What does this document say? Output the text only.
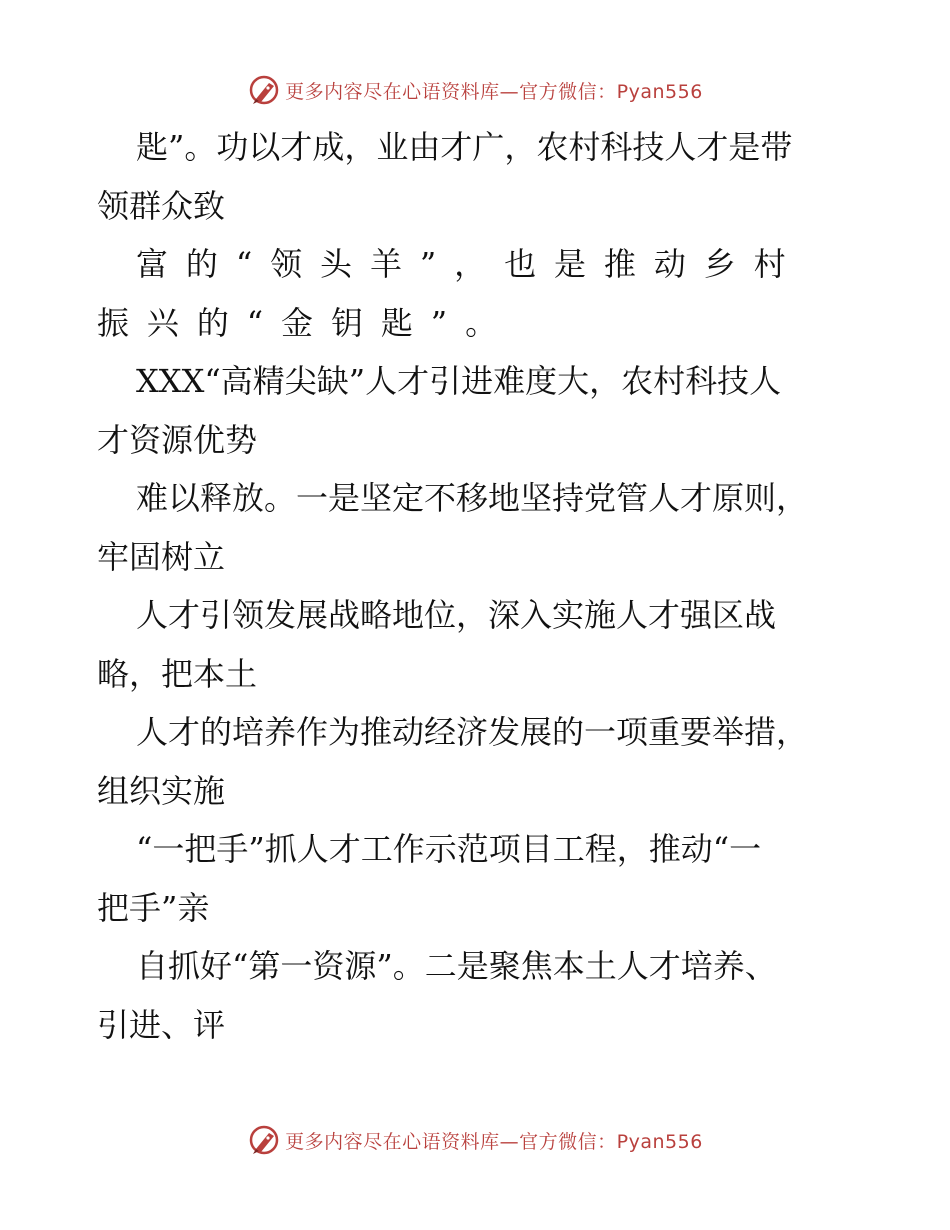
更多内容尽在心语资料库—官方微信：Pyan556
匙”。功以才成，业由才广，农村科技人才是带
领群众致
富的“领头羊”，也是推动乡村
振兴的“金钥匙”。
XXX“高精尖缺”人才引进难度大，农村科技人
才资源优势
难以释放。一是坚定不移地坚持党管人才原则，
牢固树立
人才引领发展战略地位，深入实施人才强区战
略，把本土
人才的培养作为推动经济发展的一项重要举措，
组织实施
“一把手”抓人才工作示范项目工程，推动“一
把手”亲
自抓好“第一资源”。二是聚焦本土人才培养、
引进、评
更多内容尽在心语资料库—官方微信：Pyan556
